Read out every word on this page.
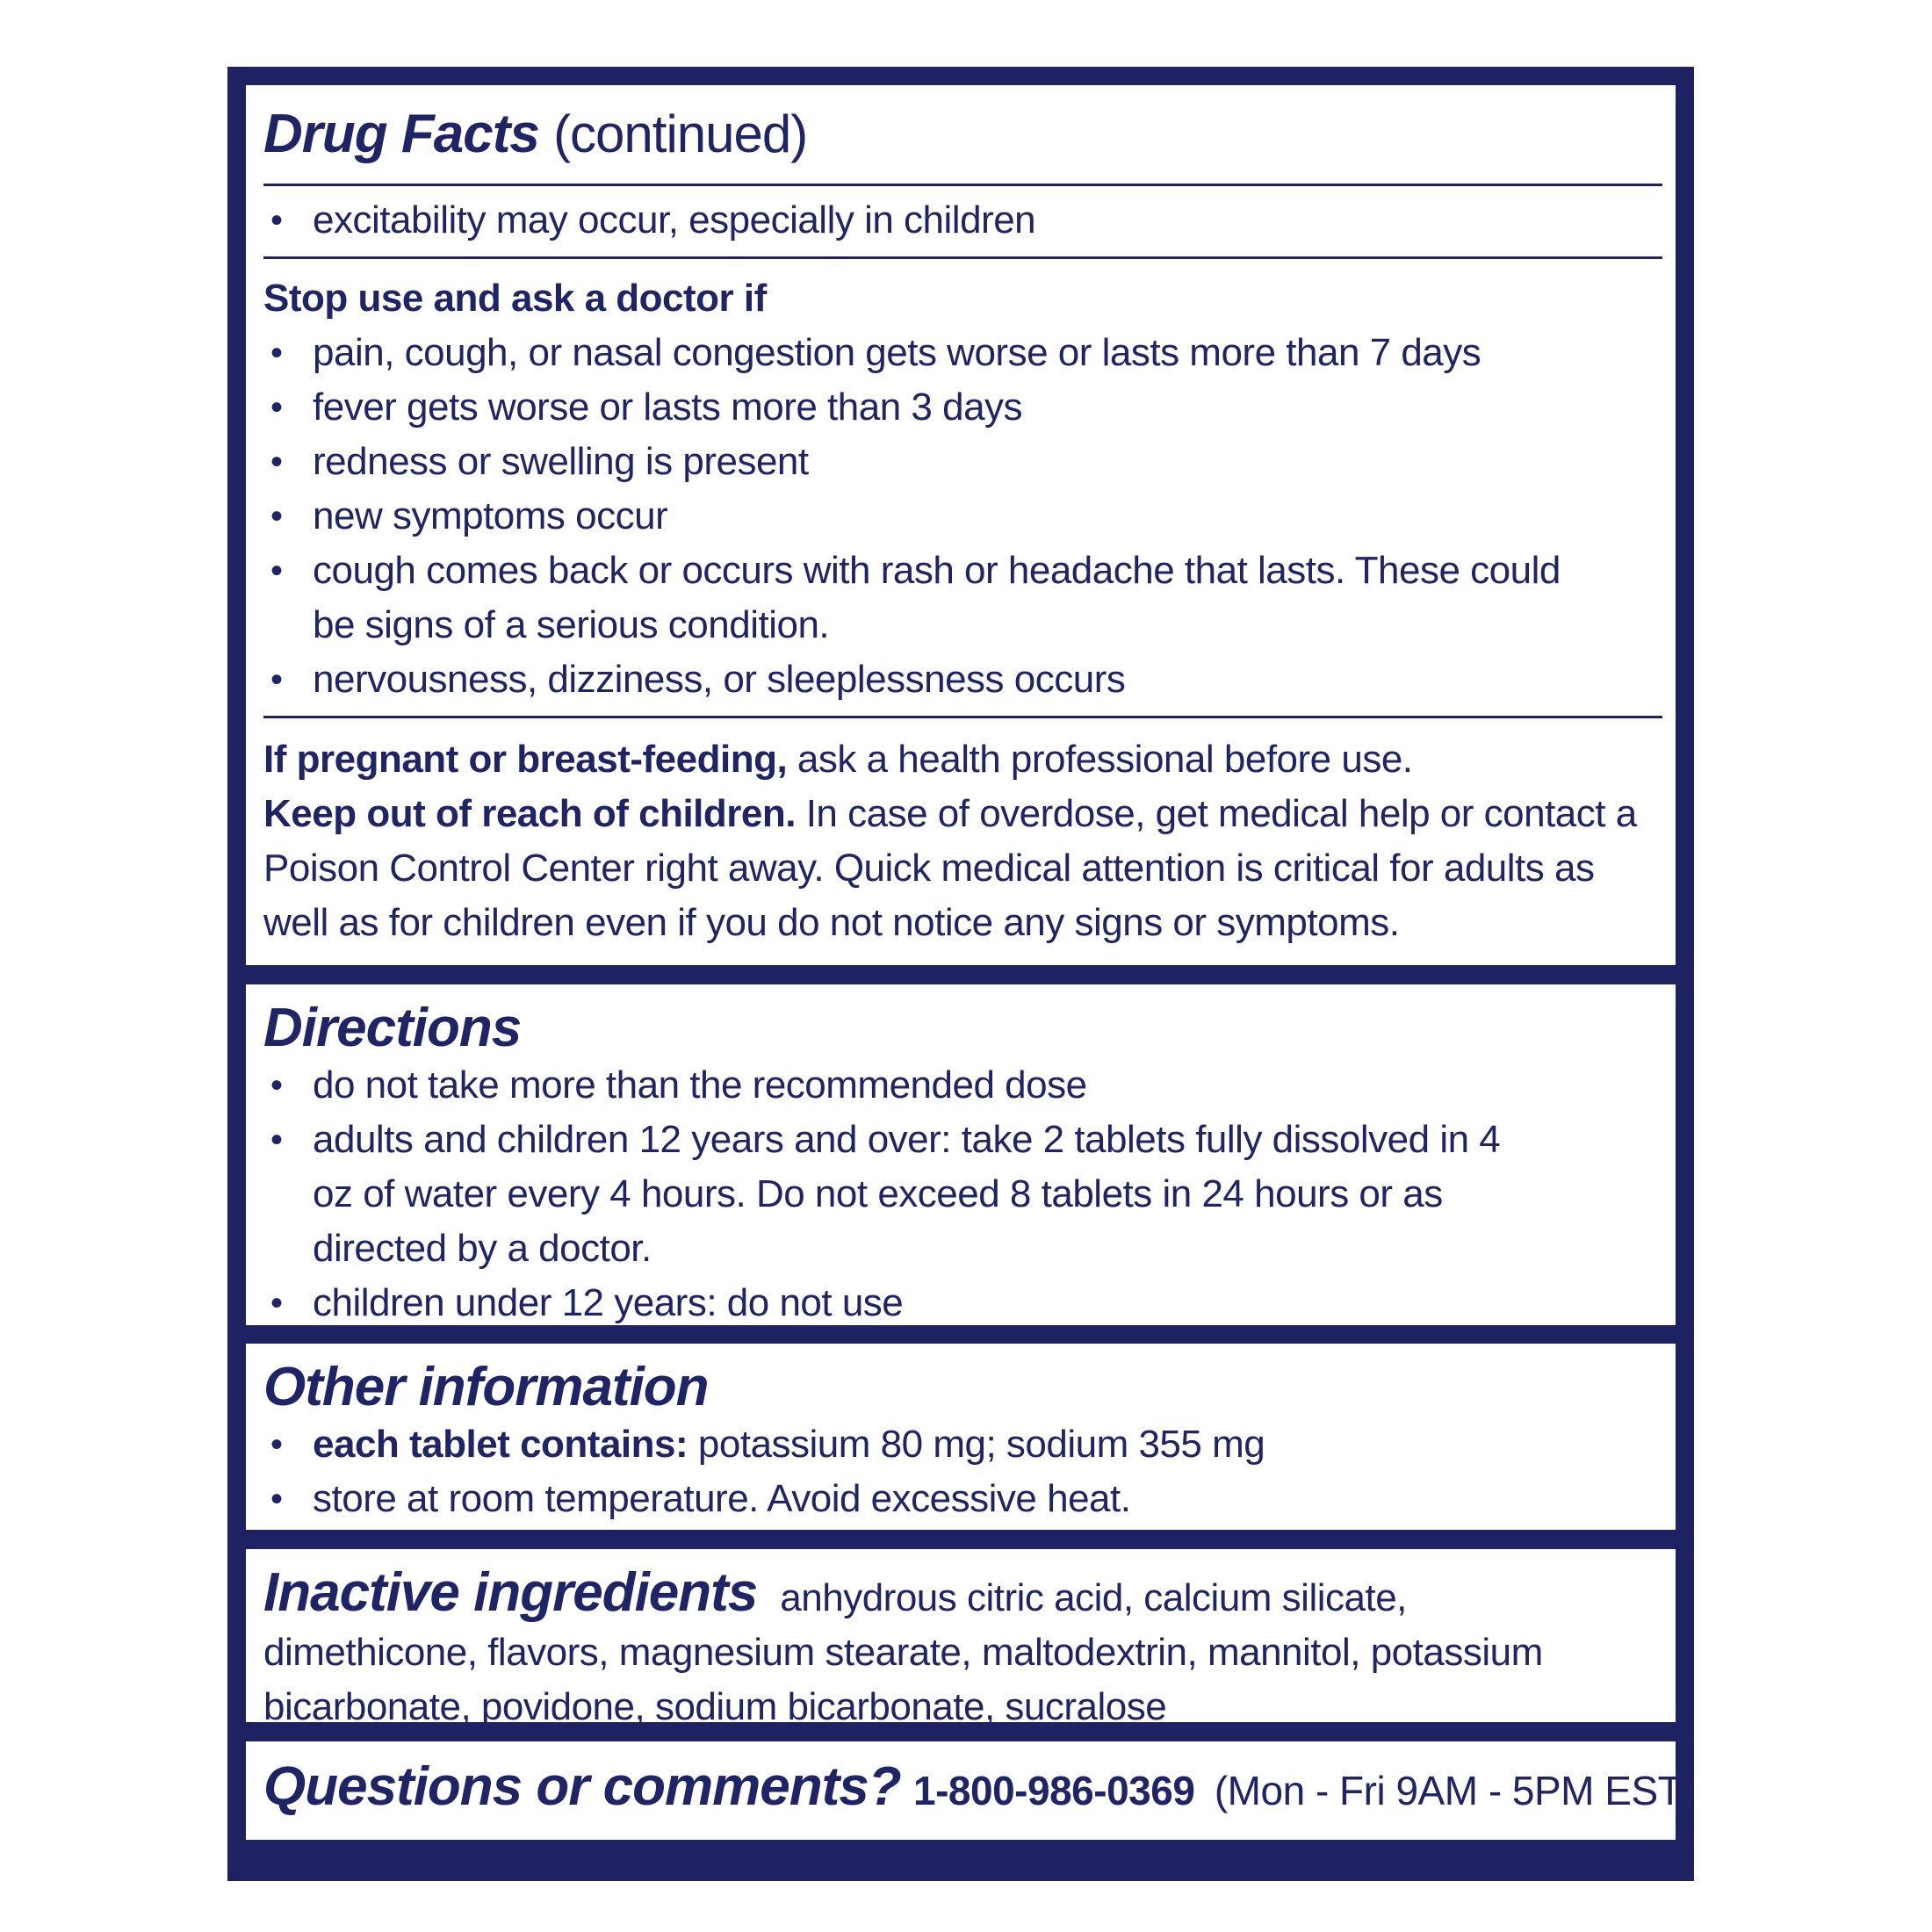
Drug Facts (continued)
• excitability may occur, especially in children
Stop use and ask a doctor if
• pain, cough, or nasal congestion gets worse or lasts more than 7 days
• fever gets worse or lasts more than 3 days
• redness or swelling is present
• new symptoms occur
• cough comes back or occurs with rash or headache that lasts. These could be signs of a serious condition.
• nervousness, dizziness, or sleeplessness occurs
If pregnant or breast-feeding, ask a health professional before use.
Keep out of reach of children. In case of overdose, get medical help or contact a Poison Control Center right away. Quick medical attention is critical for adults as well as for children even if you do not notice any signs or symptoms.
Directions
• do not take more than the recommended dose
• adults and children 12 years and over: take 2 tablets fully dissolved in 4 oz of water every 4 hours. Do not exceed 8 tablets in 24 hours or as directed by a doctor.
• children under 12 years: do not use
Other information
• each tablet contains: potassium 80 mg; sodium 355 mg
• store at room temperature. Avoid excessive heat.
Inactive ingredients anhydrous citric acid, calcium silicate, dimethicone, flavors, magnesium stearate, maltodextrin, mannitol, potassium bicarbonate, povidone, sodium bicarbonate, sucralose
Questions or comments? 1-800-986-0369 (Mon - Fri 9AM - 5PM EST)
